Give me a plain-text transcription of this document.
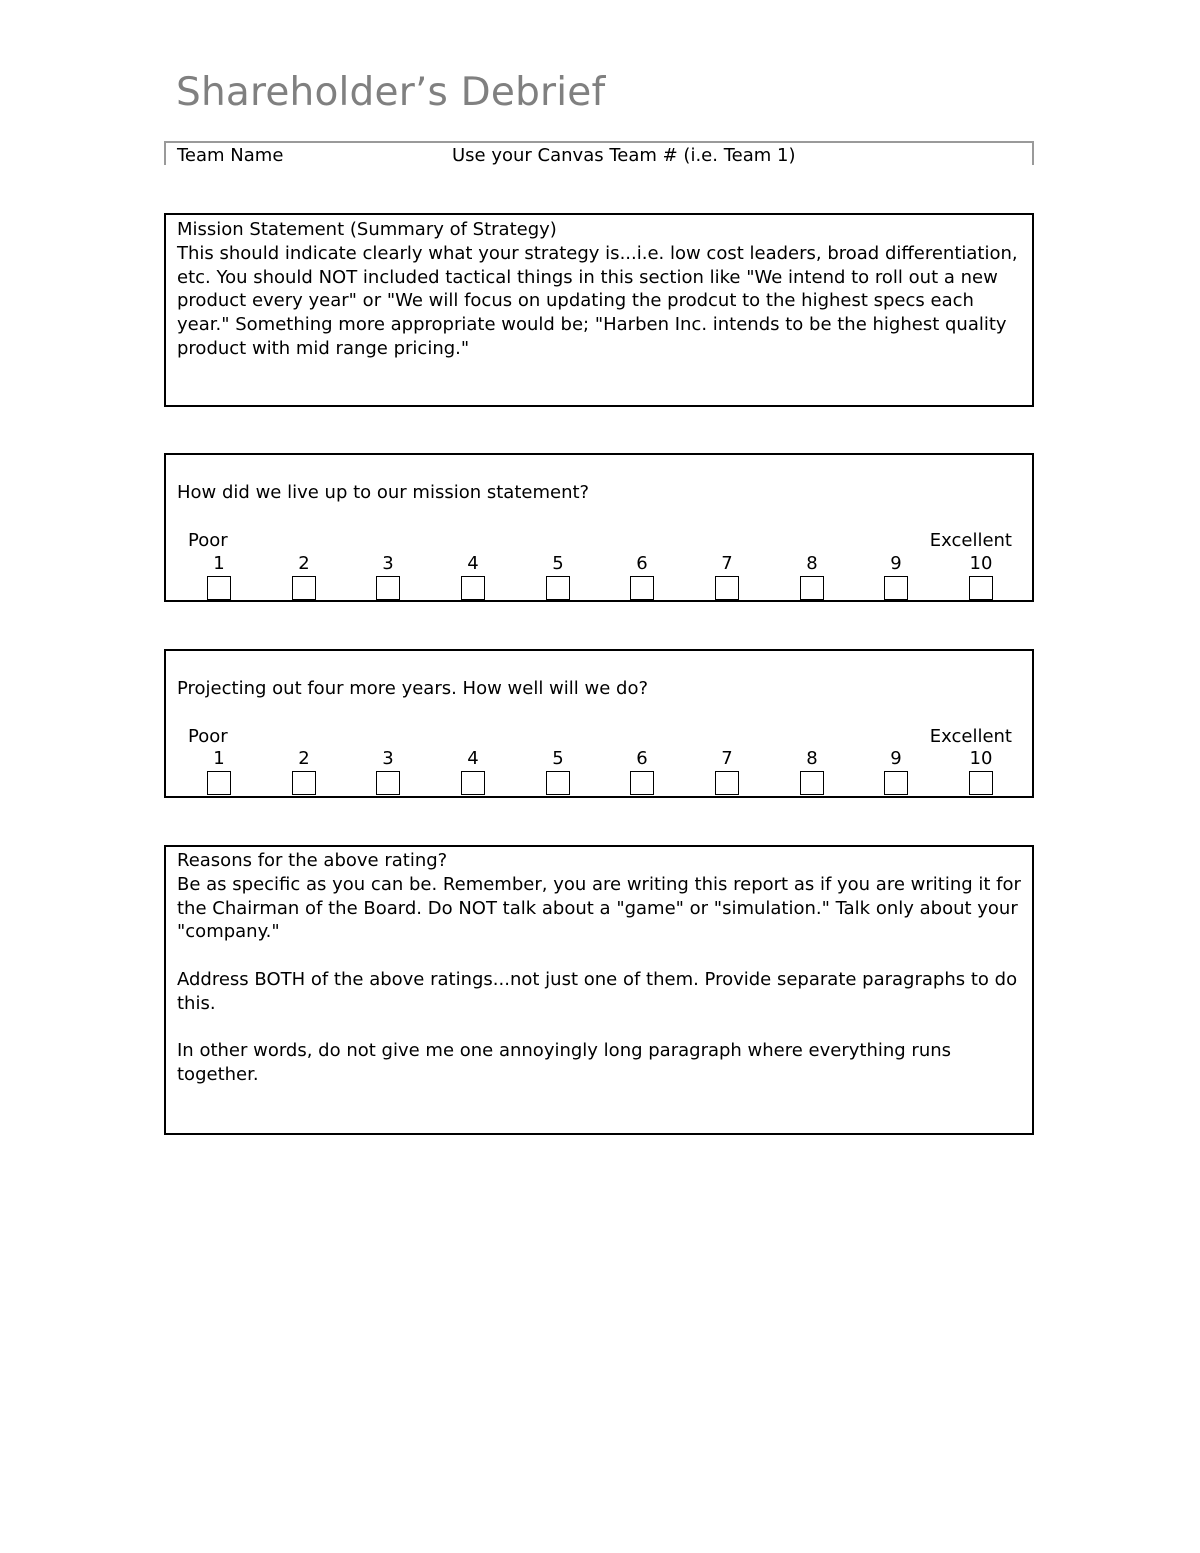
Shareholder’s Debrief
Team Name	Use your Canvas Team # (i.e. Team 1)

Mission Statement (Summary of Strategy)

This should indicate clearly what your strategy is...i.e. low cost leaders, broad differentiation, etc. You should NOT included tactical things in this section like "We intend to roll out a new product every year" or "We will focus on updating the prodcut to the highest specs each year." Something more appropriate would be; "Harben Inc. intends to be the highest quality product with mid range pricing."

How did we live up to our mission statement?
Poor	Excellent
1	2	3	4	5	6	7	8	9	10
Projecting out four more years. How well will we do?
Poor	Excellent
1	2	3	4	5	6	7	8	9	10

Reasons for the above rating?

Be as specific as you can be. Remember, you are writing this report as if you are writing it for the Chairman of the Board. Do NOT talk about a "game" or "simulation." Talk only about your "company."

Address BOTH of the above ratings...not just one of them. Provide separate paragraphs to do this.

In other words, do not give me one annoyingly long paragraph where everything runs together.
